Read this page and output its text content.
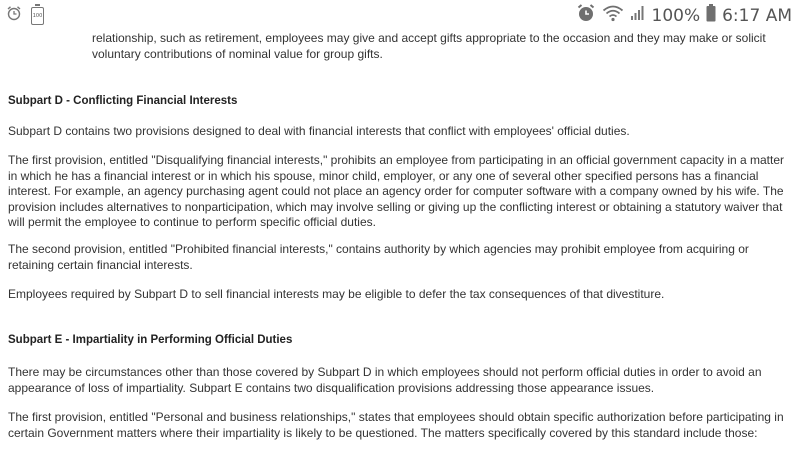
relationship, such as retirement, employees may give and accept gifts appropriate to the occasion and they may make or solicit voluntary contributions of nominal value for group gifts.

Subpart D - Conflicting Financial Interests

Subpart D contains two provisions designed to deal with financial interests that conflict with employees' official duties.

The first provision, entitled "Disqualifying financial interests," prohibits an employee from participating in an official government capacity in a matter in which he has a financial interest or in which his spouse, minor child, employer, or any one of several other specified persons has a financial interest. For example, an agency purchasing agent could not place an agency order for computer software with a company owned by his wife. The provision includes alternatives to nonparticipation, which may involve selling or giving up the conflicting interest or obtaining a statutory waiver that will permit the employee to continue to perform specific official duties.

The second provision, entitled "Prohibited financial interests," contains authority by which agencies may prohibit employee from acquiring or retaining certain financial interests.

Employees required by Subpart D to sell financial interests may be eligible to defer the tax consequences of that divestiture.

Subpart E - Impartiality in Performing Official Duties

There may be circumstances other than those covered by Subpart D in which employees should not perform official duties in order to avoid an appearance of loss of impartiality. Subpart E contains two disqualification provisions addressing those appearance issues.

The first provision, entitled "Personal and business relationships," states that employees should obtain specific authorization before participating in certain Government matters where their impartiality is likely to be questioned. The matters specifically covered by this standard include those:

100	100% 6:17 AM
